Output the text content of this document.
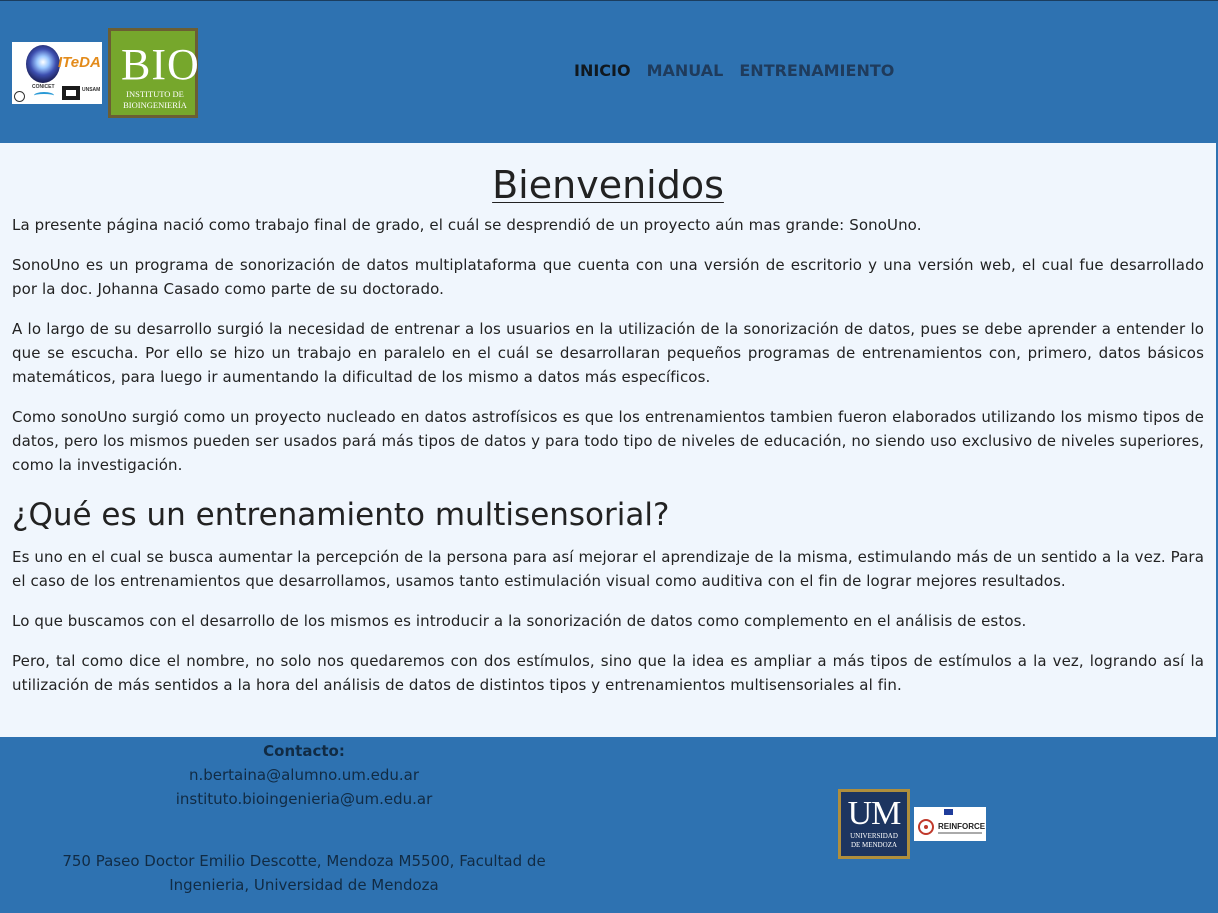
ITeDA
CONICET	UNSAM
BIO
INSTITUTO DE
BIOINGENIERÍA
INICIO MANUAL ENTRENAMIENTO
Bienvenidos

La presente página nació como trabajo final de grado, el cuál se desprendió de un proyecto aún mas grande: SonoUno.

SonoUno es un programa de sonorización de datos multiplataforma que cuenta con una versión de escritorio y una versión web, el cual fue desarrollado por la doc. Johanna Casado como parte de su doctorado.

A lo largo de su desarrollo surgió la necesidad de entrenar a los usuarios en la utilización de la sonorización de datos, pues se debe aprender a entender lo que se escucha. Por ello se hizo un trabajo en paralelo en el cuál se desarrollaran pequeños programas de entrenamientos con, primero, datos básicos matemáticos, para luego ir aumentando la dificultad de los mismo a datos más específicos.

Como sonoUno surgió como un proyecto nucleado en datos astrofísicos es que los entrenamientos tambien fueron elaborados utilizando los mismo tipos de datos, pero los mismos pueden ser usados pará más tipos de datos y para todo tipo de niveles de educación, no siendo uso exclusivo de niveles superiores, como la investigación.

¿Qué es un entrenamiento multisensorial?

Es uno en el cual se busca aumentar la percepción de la persona para así mejorar el aprendizaje de la misma, estimulando más de un sentido a la vez. Para el caso de los entrenamientos que desarrollamos, usamos tanto estimulación visual como auditiva con el fin de lograr mejores resultados.

Lo que buscamos con el desarrollo de los mismos es introducir a la sonorización de datos como complemento en el análisis de estos.

Pero, tal como dice el nombre, no solo nos quedaremos con dos estímulos, sino que la idea es ampliar a más tipos de estímulos a la vez, logrando así la utilización de más sentidos a la hora del análisis de datos de distintos tipos y entrenamientos multisensoriales al fin.

Contacto:
n.bertaina@alumno.um.edu.ar
instituto.bioingenieria@um.edu.ar
750 Paseo Doctor Emilio Descotte, Mendoza M5500, Facultad de
Ingenieria, Universidad de Mendoza
UM
UNIVERSIDAD
DE MENDOZA
REINFORCE
